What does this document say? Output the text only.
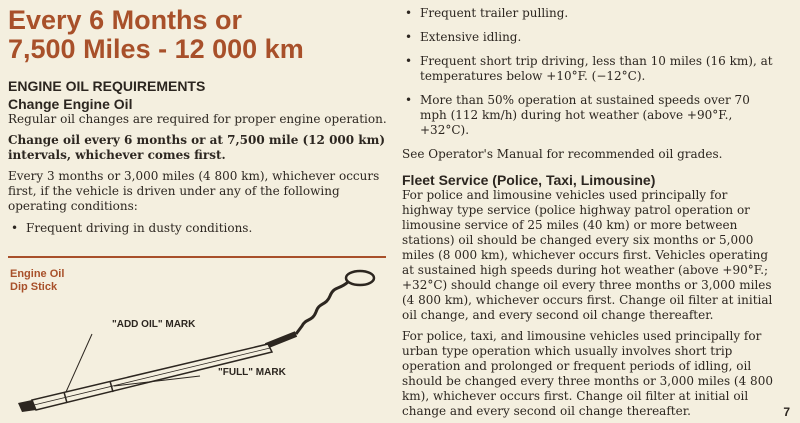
Every 6 Months or
7,500 Miles - 12 000 km
ENGINE OIL REQUIREMENTS
Change Engine Oil

Regular oil changes are required for proper engine operation.

Change oil every 6 months or at 7,500 mile (12 000 km) intervals, whichever comes first.

Every 3 months or 3,000 miles (4 800 km), whichever occurs first, if the vehicle is driven under any of the following operating conditions:

• Frequent driving in dusty conditions.
Engine Oil
Dip Stick
"ADD OIL" MARK
"FULL" MARK
• Frequent trailer pulling.
• Extensive idling.
• Frequent short trip driving, less than 10 miles (16 km), at temperatures below +10°F. (−12°C).
• More than 50% operation at sustained speeds over 70 mph (112 km/h) during hot weather (above +90°F., +32°C).

See Operator's Manual for recommended oil grades.

Fleet Service (Police, Taxi, Limousine)

For police and limousine vehicles used principally for highway type service (police highway patrol operation or limousine service of 25 miles (40 km) or more between stations) oil should be changed every six months or 5,000 miles (8 000 km), whichever occurs first. Vehicles operating at sustained high speeds during hot weather (above +90°F.; +32°C) should change oil every three months or 3,000 miles (4 800 km), whichever occurs first. Change oil filter at initial oil change, and every second oil change thereafter.

For police, taxi, and limousine vehicles used principally for urban type operation which usually involves short trip operation and prolonged or frequent periods of idling, oil should be changed every three months or 3,000 miles (4 800 km), whichever occurs first. Change oil filter at initial oil change and every second oil change thereafter.	7
